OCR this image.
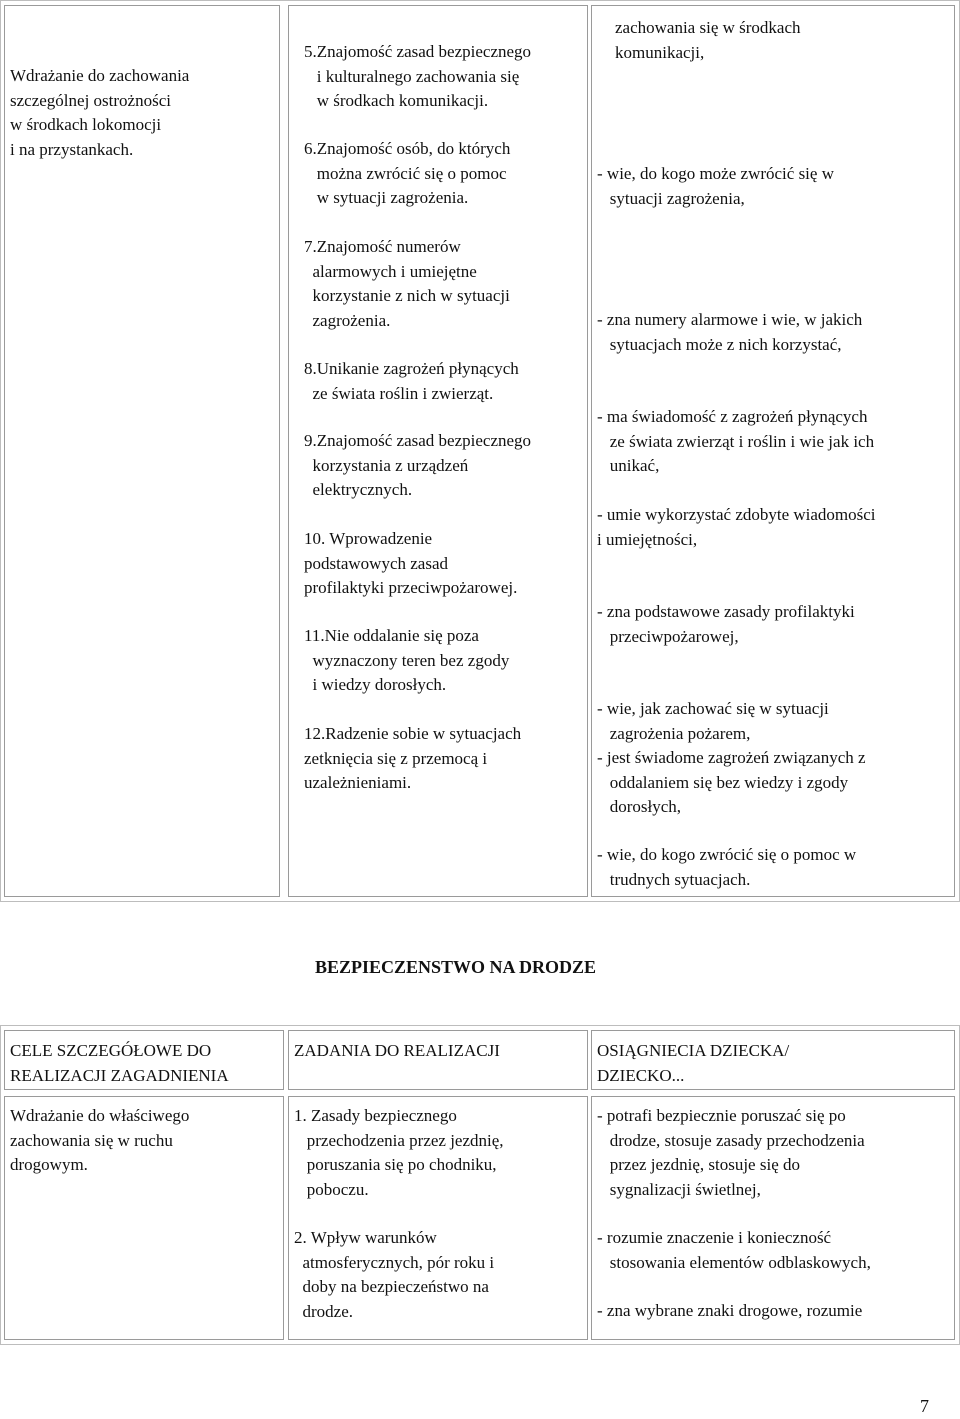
Wdrażanie do zachowania
szczególnej ostrożności
w środkach lokomocji
i na przystankach.
5.Znajomość zasad bezpiecznego
i kulturalnego zachowania się
w środkach komunikacji.
6.Znajomość osób, do których
można zwrócić się o pomoc
w sytuacji zagrożenia.
7.Znajomość numerów
alarmowych i umiejętne
korzystanie z nich w sytuacji
zagrożenia.
8.Unikanie zagrożeń płynących
ze świata roślin i zwierząt.
9.Znajomość zasad bezpiecznego
korzystania z urządzeń
elektrycznych.
10. Wprowadzenie
podstawowych zasad
profilaktyki przeciwpożarowej.
11.Nie oddalanie się poza
wyznaczony teren bez zgody
i wiedzy dorosłych.
12.Radzenie sobie w sytuacjach
zetknięcia się z przemocą i
uzależnieniami.
zachowania się w środkach
komunikacji,
- wie, do kogo może zwrócić się w
sytuacji zagrożenia,
- zna numery alarmowe i wie, w jakich
sytuacjach może z nich korzystać,
- ma świadomość z zagrożeń płynących
ze świata zwierząt i roślin i wie jak ich
unikać,
- umie wykorzystać zdobyte wiadomości
i umiejętności,
- zna podstawowe zasady profilaktyki
przeciwpożarowej,
- wie, jak zachować się w sytuacji
zagrożenia pożarem,
- jest świadome zagrożeń związanych z
oddalaniem się bez wiedzy i zgody
dorosłych,
- wie, do kogo zwrócić się o pomoc w
trudnych sytuacjach.
BEZPIECZENSTWO NA DRODZE
CELE SZCZEGÓŁOWE DO
REALIZACJI ZAGADNIENIA
ZADANIA DO REALIZACJI	OSIĄGNIECIA DZIECKA/
DZIECKO...
Wdrażanie do właściwego
zachowania się w ruchu
drogowym.
1. Zasady bezpiecznego
przechodzenia przez jezdnię,
poruszania się po chodniku,
poboczu.
2. Wpływ warunków
atmosferycznych, pór roku i
doby na bezpieczeństwo na
drodze.
- potrafi bezpiecznie poruszać się po
drodze, stosuje zasady przechodzenia
przez jezdnię, stosuje się do
sygnalizacji świetlnej,
- rozumie znaczenie i konieczność
stosowania elementów odblaskowych,
- zna wybrane znaki drogowe, rozumie
7
